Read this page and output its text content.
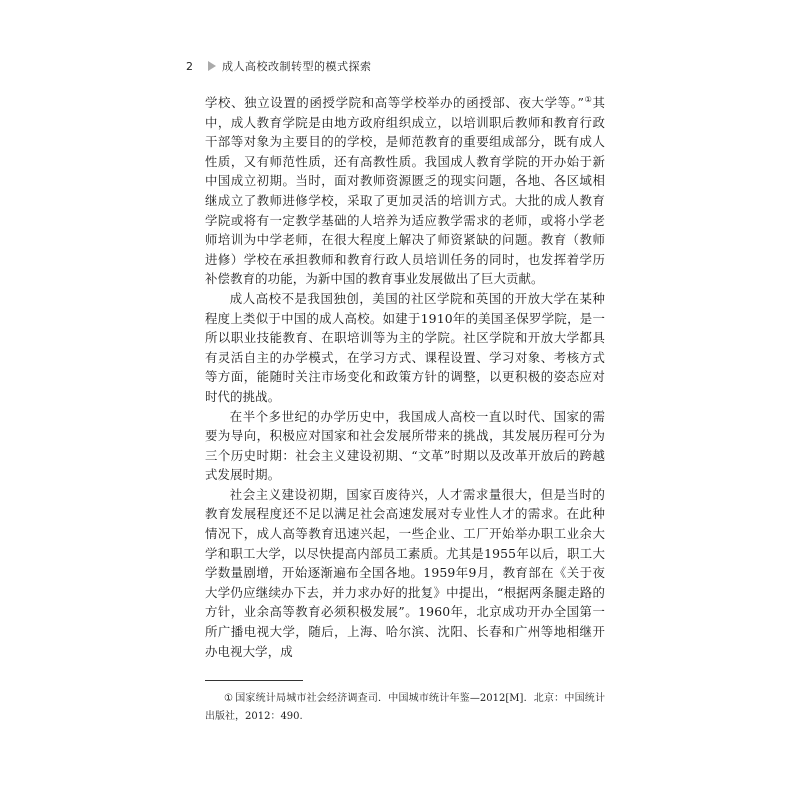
2	成人高校改制转型的模式探索

学校、独立设置的函授学院和高等学校举办的函授部、夜大学等。”①其中，成人教育学院是由地方政府组织成立，以培训职后教师和教育行政干部等对象为主要目的的学校，是师范教育的重要组成部分，既有成人性质，又有师范性质，还有高教性质。我国成人教育学院的开办始于新中国成立初期。当时，面对教师资源匮乏的现实问题，各地、各区域相继成立了教师进修学校，采取了更加灵活的培训方式。大批的成人教育学院或将有一定教学基础的人培养为适应教学需求的老师，或将小学老师培训为中学老师，在很大程度上解决了师资紧缺的问题。教育（教师进修）学校在承担教师和教育行政人员培训任务的同时，也发挥着学历补偿教育的功能，为新中国的教育事业发展做出了巨大贡献。

成人高校不是我国独创，美国的社区学院和英国的开放大学在某种程度上类似于中国的成人高校。如建于1910年的美国圣保罗学院，是一所以职业技能教育、在职培训等为主的学院。社区学院和开放大学都具有灵活自主的办学模式，在学习方式、课程设置、学习对象、考核方式等方面，能随时关注市场变化和政策方针的调整，以更积极的姿态应对时代的挑战。

在半个多世纪的办学历史中，我国成人高校一直以时代、国家的需要为导向，积极应对国家和社会发展所带来的挑战，其发展历程可分为三个历史时期：社会主义建设初期、“文革”时期以及改革开放后的跨越式发展时期。

社会主义建设初期，国家百废待兴，人才需求量很大，但是当时的教育发展程度还不足以满足社会高速发展对专业性人才的需求。在此种情况下，成人高等教育迅速兴起，一些企业、工厂开始举办职工业余大学和职工大学，以尽快提高内部员工素质。尤其是1955年以后，职工大学数量剧增，开始逐渐遍布全国各地。1959年9月，教育部在《关于夜大学仍应继续办下去，并力求办好的批复》中提出，“根据两条腿走路的方针，业余高等教育必须积极发展”。1960年，北京成功开办全国第一所广播电视大学，随后，上海、哈尔滨、沈阳、长春和广州等地相继开办电视大学，成

① 国家统计局城市社会经济调查司．中国城市统计年鉴—2012[M]．北京：中国统计出版社，2012：490.
